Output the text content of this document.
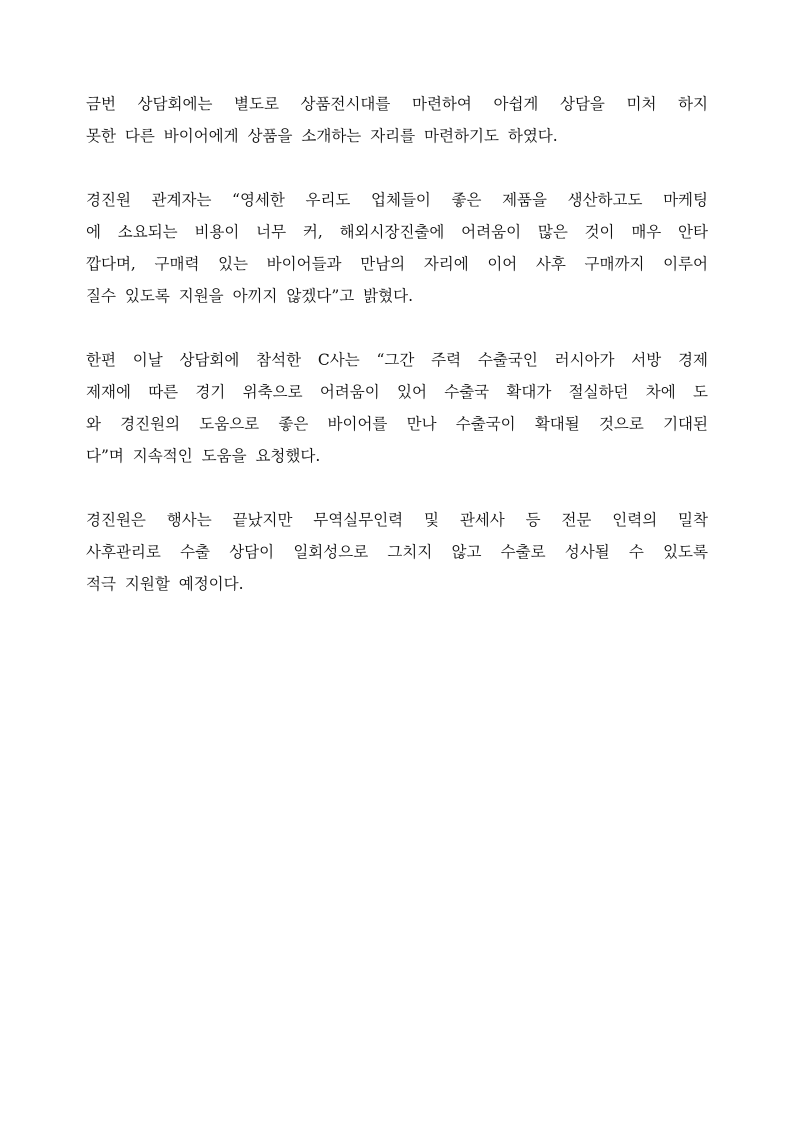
금번 상담회에는 별도로 상품전시대를 마련하여 아쉽게 상담을 미처 하지
못한 다른 바이어에게 상품을 소개하는 자리를 마련하기도 하였다.
경진원 관계자는 “영세한 우리도 업체들이 좋은 제품을 생산하고도 마케팅
에 소요되는 비용이 너무 커, 해외시장진출에 어려움이 많은 것이 매우 안타
깝다며, 구매력 있는 바이어들과 만남의 자리에 이어 사후 구매까지 이루어
질수 있도록 지원을 아끼지 않겠다”고 밝혔다.
한편 이날 상담회에 참석한 C사는 “그간 주력 수출국인 러시아가 서방 경제
제재에 따른 경기 위축으로 어려움이 있어 수출국 확대가 절실하던 차에 도
와 경진원의 도움으로 좋은 바이어를 만나 수출국이 확대될 것으로 기대된
다”며 지속적인 도움을 요청했다.
경진원은 행사는 끝났지만 무역실무인력 및 관세사 등 전문 인력의 밀착
사후관리로 수출 상담이 일회성으로 그치지 않고 수출로 성사될 수 있도록
적극 지원할 예정이다.
